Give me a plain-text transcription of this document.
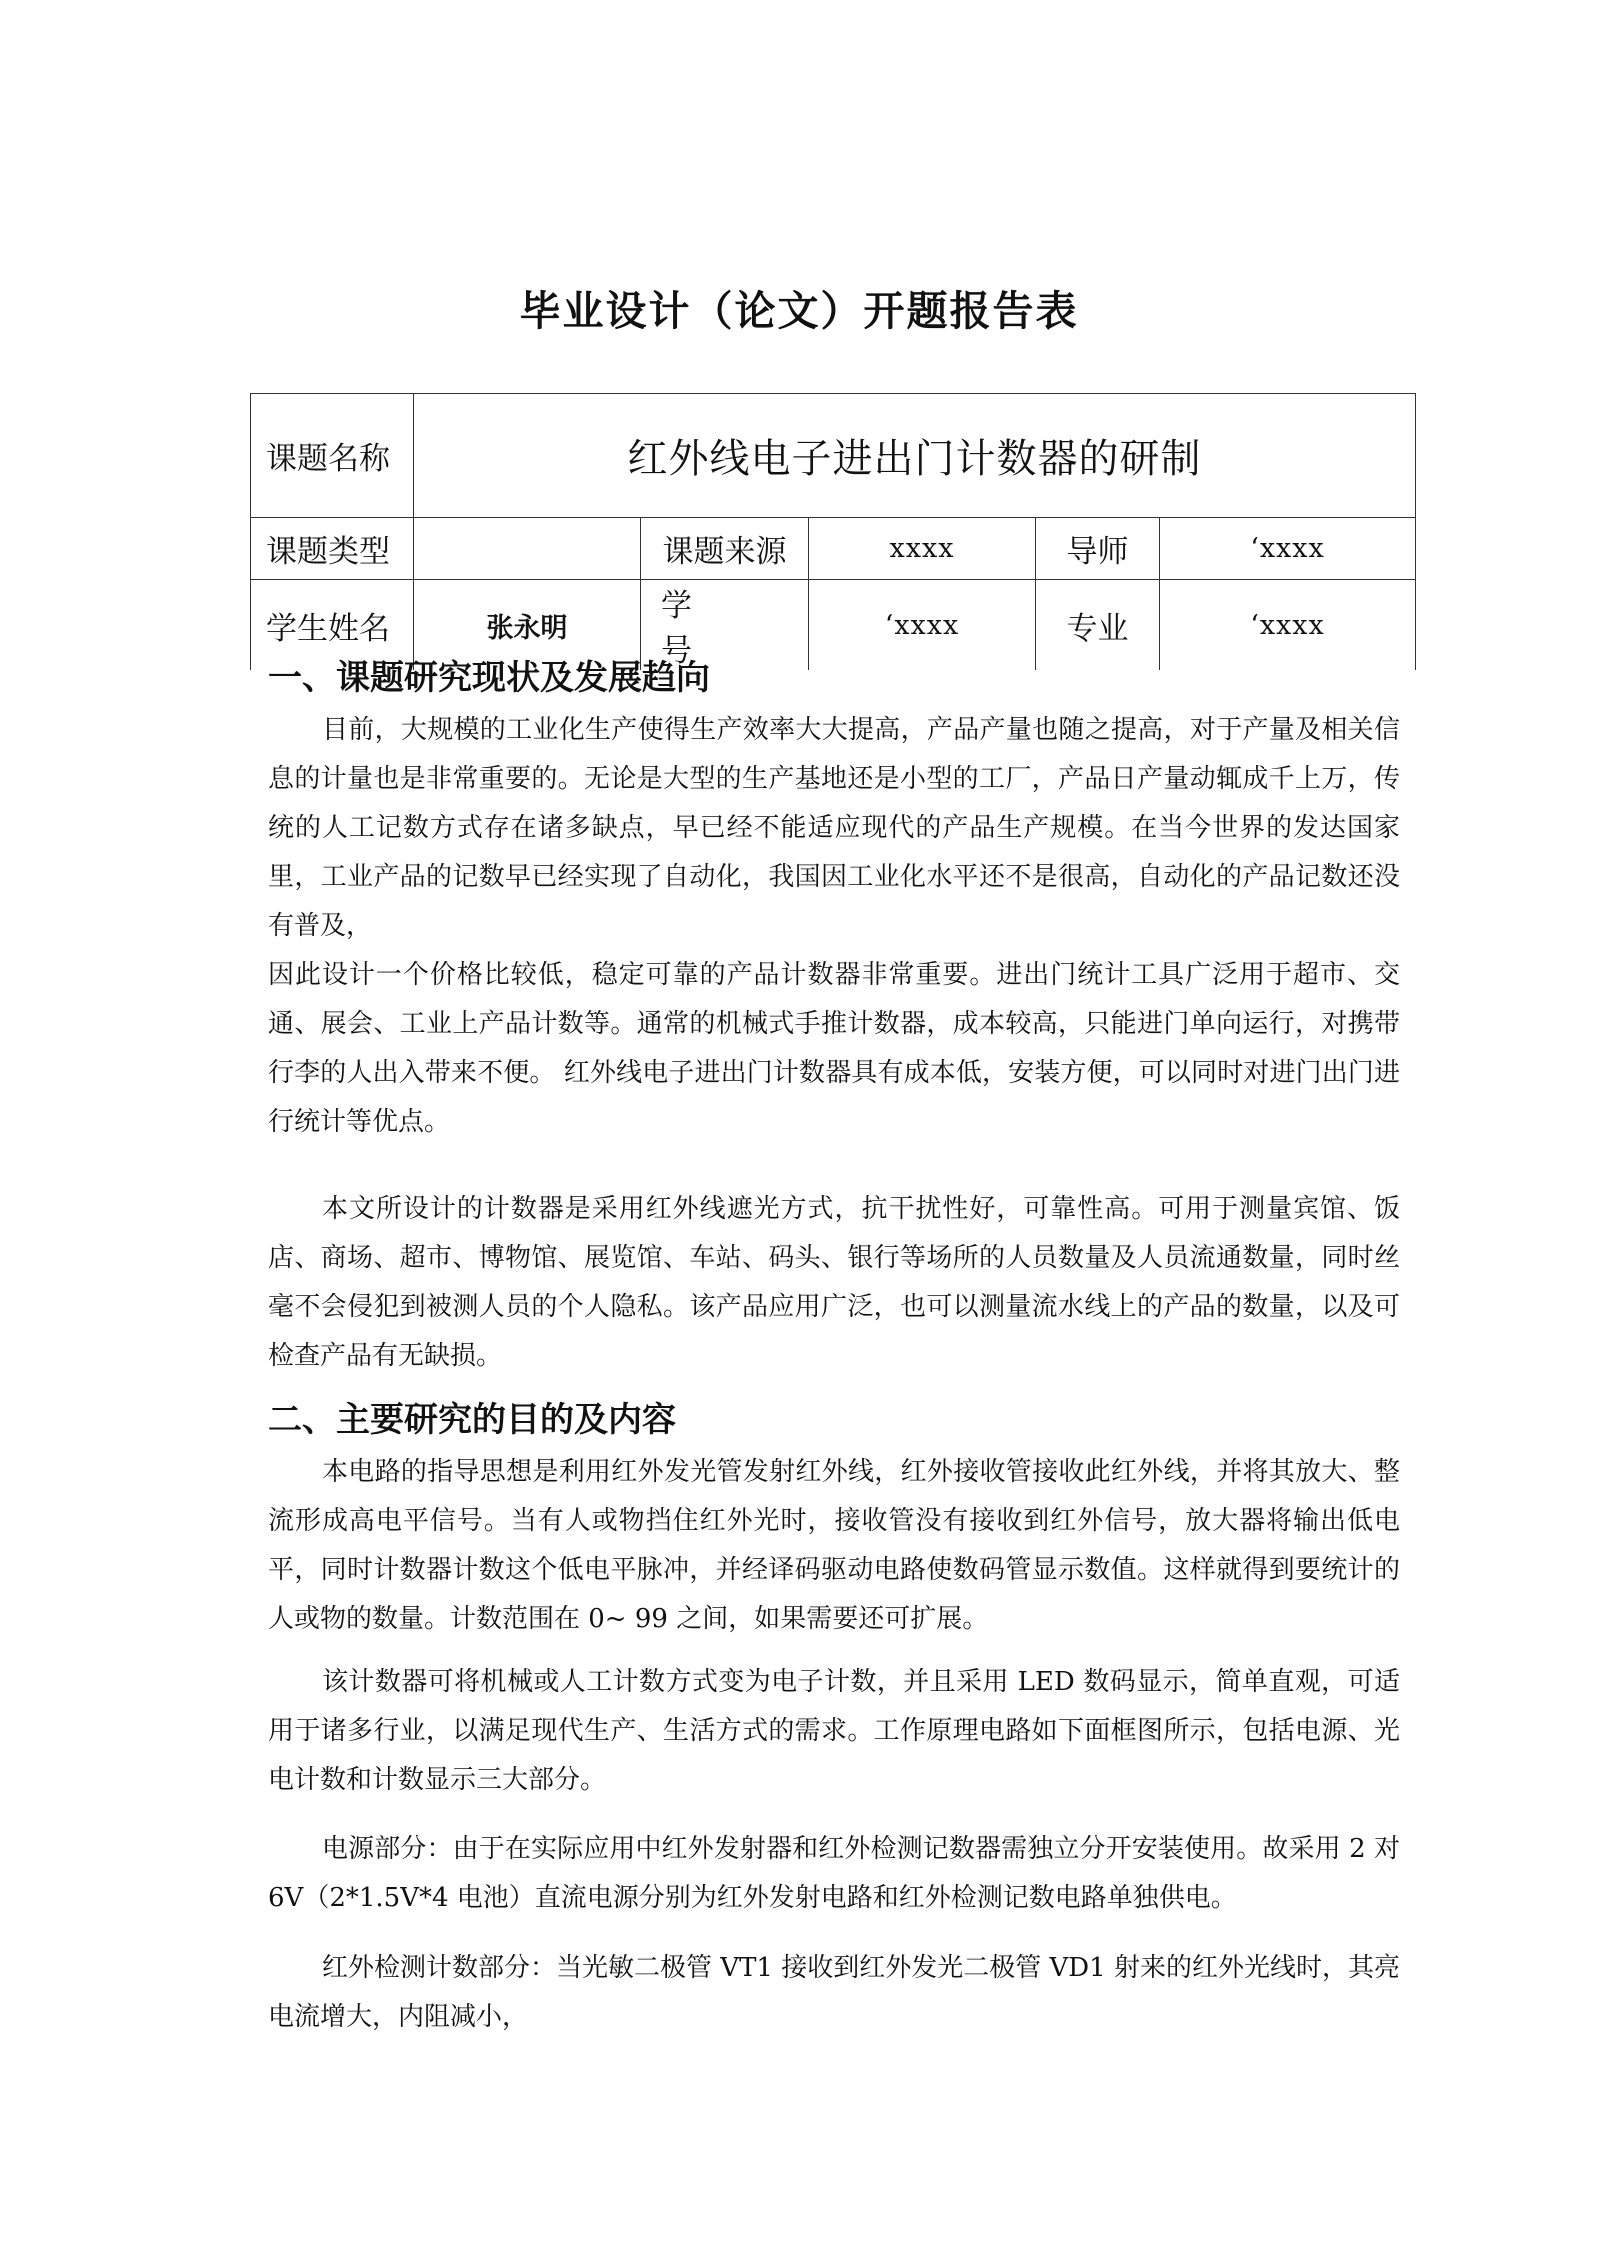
毕业设计（论文）开题报告表
课题名称	红外线电子进出门计数器的研制				
课题类型		课题来源	xxxx	导师	‘xxxx
学生姓名	张永明	学号	‘xxxx	专业	‘xxxx
一、课题研究现状及发展趋向

目前，大规模的工业化生产使得生产效率大大提高，产品产量也随之提高，对于产量及相关信息的计量也是非常重要的。无论是大型的生产基地还是小型的工厂，产品日产量动辄成千上万，传统的人工记数方式存在诸多缺点，早已经不能适应现代的产品生产规模。在当今世界的发达国家里，工业产品的记数早已经实现了自动化，我国因工业化水平还不是很高，自动化的产品记数还没有普及，

因此设计一个价格比较低，稳定可靠的产品计数器非常重要。进出门统计工具广泛用于超市、交通、展会、工业上产品计数等。通常的机械式手推计数器，成本较高，只能进门单向运行，对携带行李的人出入带来不便。 红外线电子进出门计数器具有成本低，安装方便，可以同时对进门出门进行统计等优点。

本文所设计的计数器是采用红外线遮光方式，抗干扰性好，可靠性高。可用于测量宾馆、饭店、商场、超市、博物馆、展览馆、车站、码头、银行等场所的人员数量及人员流通数量，同时丝毫不会侵犯到被测人员的个人隐私。该产品应用广泛，也可以测量流水线上的产品的数量，以及可检查产品有无缺损。

二、主要研究的目的及内容

本电路的指导思想是利用红外发光管发射红外线，红外接收管接收此红外线，并将其放大、整流形成高电平信号。当有人或物挡住红外光时，接收管没有接收到红外信号，放大器将输出低电平，同时计数器计数这个低电平脉冲，并经译码驱动电路使数码管显示数值。这样就得到要统计的人或物的数量。计数范围在 0~ 99 之间，如果需要还可扩展。

该计数器可将机械或人工计数方式变为电子计数，并且采用 LED 数码显示，简单直观，可适用于诸多行业，以满足现代生产、生活方式的需求。工作原理电路如下面框图所示，包括电源、光电计数和计数显示三大部分。

电源部分：由于在实际应用中红外发射器和红外检测记数器需独立分开安装使用。故采用 2 对 6V（2*1.5V*4 电池）直流电源分别为红外发射电路和红外检测记数电路单独供电。

红外检测计数部分：当光敏二极管 VT1 接收到红外发光二极管 VD1 射来的红外光线时，其亮电流增大，内阻减小，
